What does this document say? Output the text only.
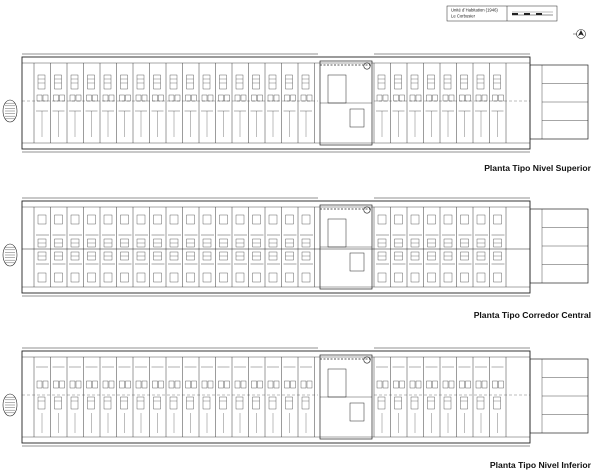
Unité d´Habitation (1946)
Le Corbusier
Planta Tipo Nivel Superior
Planta Tipo Corredor Central
Planta Tipo Nivel Inferior
